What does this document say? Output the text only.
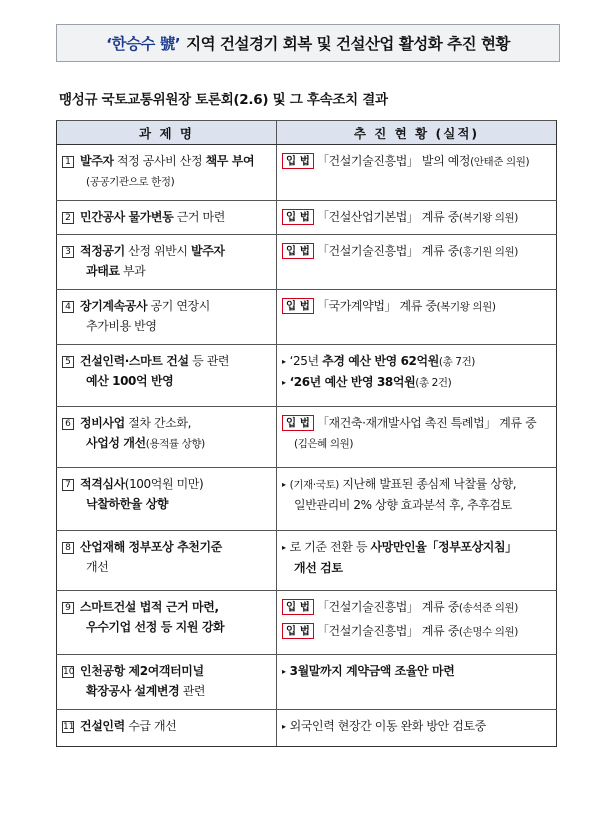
‘한승수 號’ 지역 건설경기 회복 및 건설산업 활성화 추진 현황
맹성규 국토교통위원장 토론회(2.6) 및 그 후속조치 결과
과 제 명	추 진 현 황 (실적)

1 발주자 적정 공사비 산정 책무 부여
(공공기관으로 한정)	입 법 「건설기술진흥법」 발의 예정(안태준 의원)

2 민간공사 물가변동 근거 마련	입 법 「건설산업기본법」 계류 중(복기왕 의원)

3 적정공기 산정 위반시 발주자
과태료 부과	입 법 「건설기술진흥법」 계류 중(홍기원 의원)

4 장기계속공사 공기 연장시
추가비용 반영	입 법 「국가계약법」 계류 중(복기왕 의원)

5 건설인력·스마트 건설 등 관련
예산 100억 반영	▸ ‘25년 추경 예산 반영 62억원(총 7건)
▸ ‘26년 예산 반영 38억원(총 2건)

6 정비사업 절차 간소화,
사업성 개선(용적률 상향)	입 법 「재건축·재개발사업 촉진 특례법」 계류 중
(김은혜 의원)

7 적격심사(100억원 미만)
낙찰하한율 상향	▸ (기재·국토) 지난해 발표된 종심제 낙찰률 상향,
일반관리비 2% 상향 효과분석 후, 추후검토

8 산업재해 정부포상 추천기준
개선	▸ 로 기준 전환 등 사망만인율「정부포상지침」
개선 검토

9 스마트건설 법적 근거 마련,
우수기업 선정 등 지원 강화	입 법 「건설기술진흥법」 계류 중(송석준 의원)
입 법 「건설기술진흥법」 계류 중(손명수 의원)

10 인천공항 제2여객터미널
확장공사 설계변경 관련	▸ 3월말까지 계약금액 조율안 마련

11 건설인력 수급 개선	▸ 외국인력 현장간 이동 완화 방안 검토중
